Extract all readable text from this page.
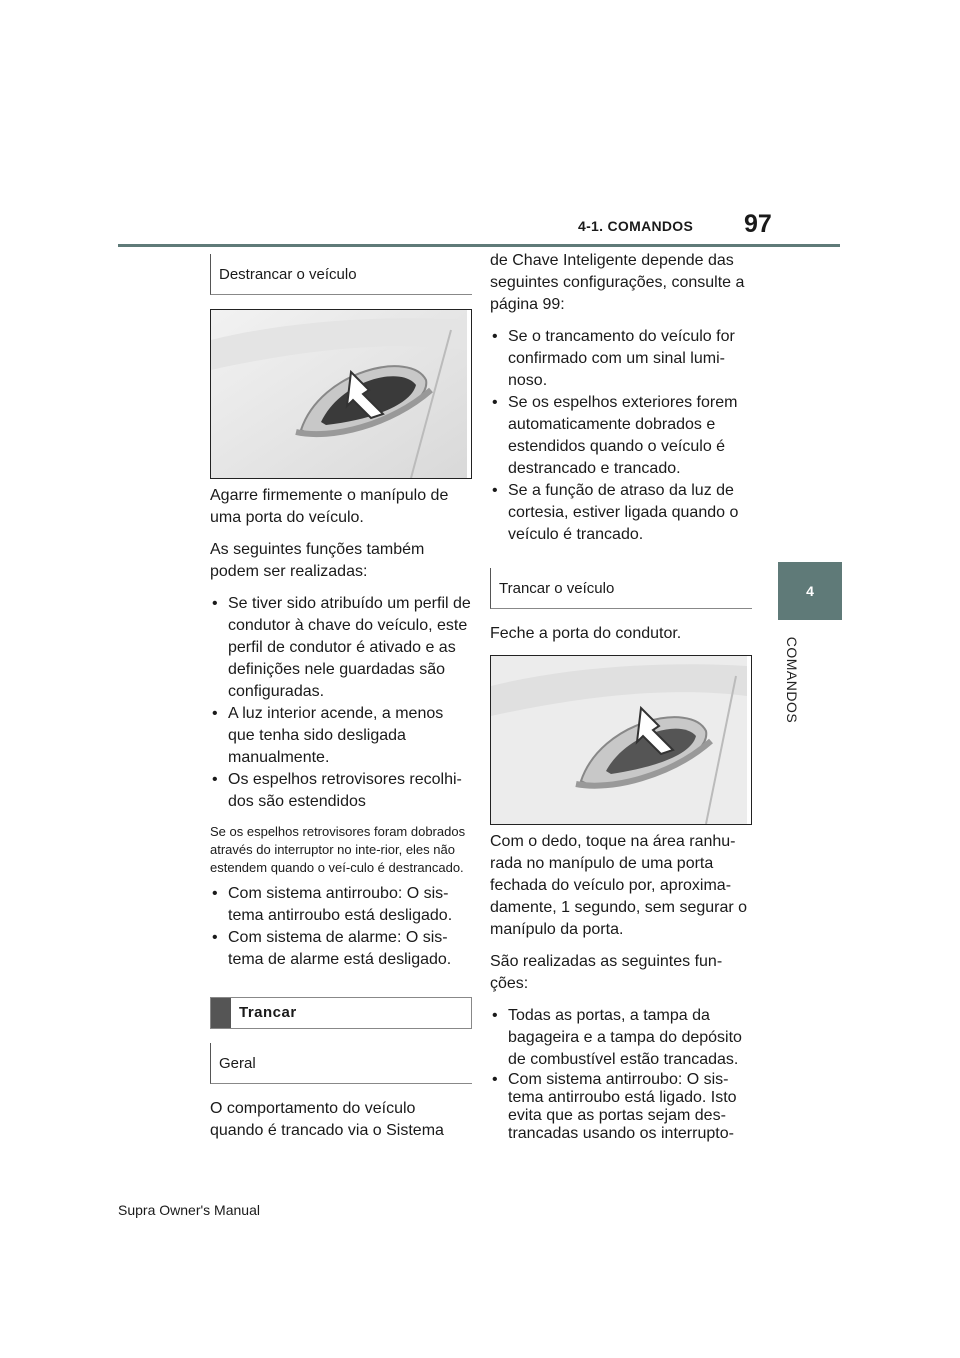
4-1. COMANDOS 97
4
COMANDOS
Destrancar o veículo

Agarre firmemente o manípulo de uma porta do veículo.

As seguintes funções também podem ser realizadas:

• Se tiver sido atribuído um perfil de condutor à chave do veículo, este perfil de condutor é ativado e as definições nele guardadas são configuradas.
• A luz interior acende, a menos que tenha sido desligada manualmente.
• Os espelhos retrovisores recolhi-dos são estendidos

Se os espelhos retrovisores foram dobrados através do interruptor no inte-rior, eles não estendem quando o veí-culo é destrancado.

• Com sistema antirroubo: O sis-tema antirroubo está desligado.
• Com sistema de alarme: O sis-tema de alarme está desligado.
Trancar
Geral

O comportamento do veículo quando é trancado via o Sistema

de Chave Inteligente depende das seguintes configurações, consulte a página 99:

• Se o trancamento do veículo for confirmado com um sinal lumi-noso.
• Se os espelhos exteriores forem automaticamente dobrados e estendidos quando o veículo é destrancado e trancado.
• Se a função de atraso da luz de cortesia, estiver ligada quando o veículo é trancado.
Trancar o veículo

Feche a porta do condutor.

Com o dedo, toque na área ranhu-rada no manípulo de uma porta fechada do veículo por, aproxima-damente, 1 segundo, sem segurar o manípulo da porta.

São realizadas as seguintes fun-ções:

• Todas as portas, a tampa da bagageira e a tampa do depósito de combustível estão trancadas.
• Com sistema antirroubo: O sis-tema antirroubo está ligado. Isto evita que as portas sejam des-trancadas usando os interrupto-
Supra Owner's Manual
